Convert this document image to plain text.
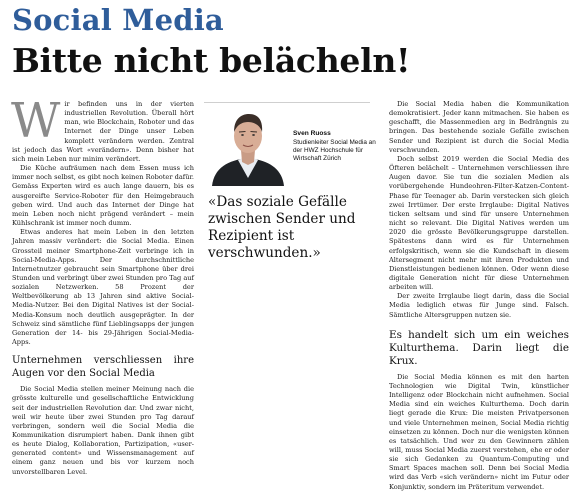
Social Media
Bitte nicht belächeln!

Wir befinden uns in der vierten industriellen Revolution. Überall hört man, wie Blockchain, Roboter und das Internet der Dinge unser Leben komplett verändern werden. Zentral ist jedoch das Wort «verändern». Denn bisher hat sich mein Leben nur minim verändert.

Die Küche aufräumen nach dem Essen muss ich immer noch selbst, es gibt noch keinen Roboter dafür. Gemäss Experten wird es auch lange dauern, bis es ausgereifte Service-Roboter für den Heimgebrauch geben wird. Und auch das Internet der Dinge hat mein Leben noch nicht prägend verändert – mein Kühlschrank ist immer noch dumm.

Etwas anderes hat mein Leben in den letzten Jahren massiv verändert: die Social Media. Einen Grossteil meiner Smartphone-Zeit verbringe ich in Social-Media-Apps. Der durchschnittliche Internetnutzer gebraucht sein Smartphone über drei Stunden und verbringt über zwei Stunden pro Tag auf sozialen Netzwerken. 58 Prozent der Weltbevölkerung ab 13 Jahren sind aktive Social-Media-Nutzer. Bei den Digital Natives ist der Social-Media-Konsum noch deutlich ausgeprägter. In der Schweiz sind sämtliche fünf Lieblingsapps der jungen Generation der 14- bis 29-Jährigen Social-Media-Apps.

Unternehmen verschliessen ihre Augen vor den Social Media

Die Social Media stellen meiner Meinung nach die grösste kulturelle und gesellschaftliche Entwicklung seit der industriellen Revolution dar. Und zwar nicht, weil wir heute über zwei Stunden pro Tag darauf verbringen, sondern weil die Social Media die Kommunikation disrumpiert haben. Dank ihnen gibt es heute Dialog, Kollaboration, Partizipation, «user-generated content» und Wissensmanagement auf einem ganz neuen und bis vor kurzem noch unvorstellbaren Level.

Sven Ruoss
Studienleiter Social Media an der HWZ Hochschule für Wirtschaft Zürich
«Das soziale Gefälle zwischen Sender und Rezipient ist verschwunden.»

Die Social Media haben die Kommunikation demokratisiert. Jeder kann mitmachen. Sie haben es geschafft, die Massenmedien arg in Bedrängnis zu bringen. Das bestehende soziale Gefälle zwischen Sender und Rezipient ist durch die Social Media verschwunden.

Doch selbst 2019 werden die Social Media des Öfteren belächelt – Unternehmen verschliessen ihre Augen davor. Sie tun die sozialen Medien als vorübergehende Hundeohren-Filter-Katzen-Content-Phase für Teenager ab. Darin verstecken sich gleich zwei Irrtümer. Der erste Irrglaube: Digital Natives ticken seltsam und sind für unsere Unternehmen nicht so relevant. Die Digital Natives werden um 2020 die grösste Bevölkerungsgruppe darstellen. Spätestens dann wird es für Unternehmen erfolgskritisch, wenn sie die Kundschaft in diesem Altersegment nicht mehr mit ihren Produkten und Dienstleistungen bedienen können. Oder wenn diese digitale Generation nicht für diese Unternehmen arbeiten will.

Der zweite Irrglaube liegt darin, dass die Social Media lediglich etwas für Junge sind. Falsch. Sämtliche Altersgruppen nutzen sie.

Es handelt sich um ein weiches Kulturthema. Darin liegt die Krux.

Die Social Media können es mit den harten Technologien wie Digital Twin, künstlicher Intelligenz oder Blockchain nicht aufnehmen. Social Media sind ein weiches Kulturthema. Doch darin liegt gerade die Krux: Die meisten Privatpersonen und viele Unternehmen meinen, Social Media richtig einsetzen zu können. Doch nur die wenigsten können es tatsächlich. Und wer zu den Gewinnern zählen will, muss Social Media zuerst verstehen, ehe er oder sie sich Gedanken zu Quantum-Computing und Smart Spaces machen soll. Denn bei Social Media wird das Verb «sich verändern» nicht im Futur oder Konjunktiv, sondern im Präteritum verwendet.
